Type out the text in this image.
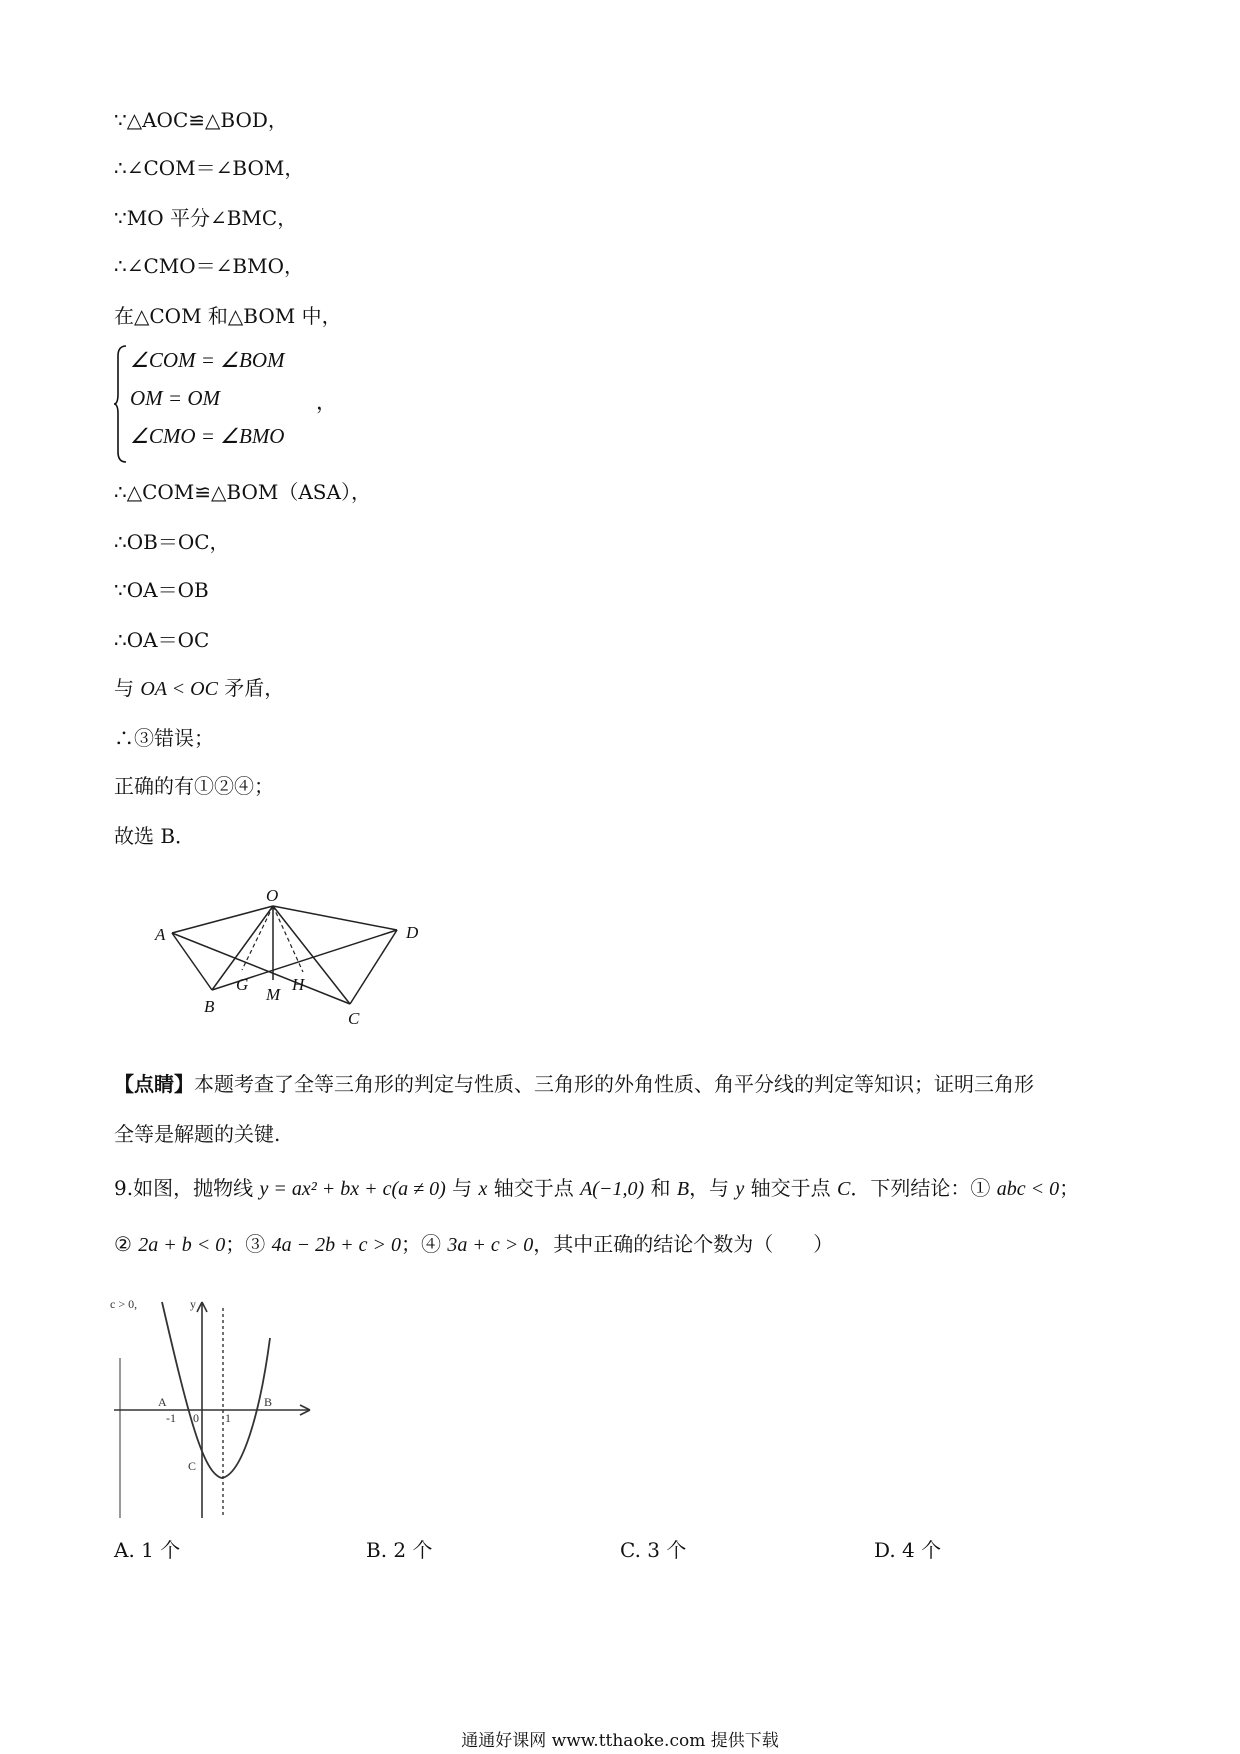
∵△AOC≌△BOD，
∴∠COM＝∠BOM，
∵MO 平分∠BMC，
∴∠CMO＝∠BMO，
在△COM 和△BOM 中，
∠COM = ∠BOM
OM = OM
∠CMO = ∠BMO
，
∴△COM≌△BOM（ASA），
∴OB＝OC，
∵OA＝OB
∴OA＝OC
与 OA < OC 矛盾，
∴③错误；
正确的有①②④；
故选 B．
O
A	D
G	H
M
B
C
【点睛】本题考查了全等三角形的判定与性质、三角形的外角性质、角平分线的判定等知识；证明三角形
全等是解题的关键.
9.如图，抛物线 y = ax² + bx + c(a ≠ 0) 与 x 轴交于点 A(−1,0) 和 B，与 y 轴交于点 C．下列结论：① abc < 0；
② 2a + b < 0；③ 4a − 2b + c > 0；④ 3a + c > 0，其中正确的结论个数为（　　）
c > 0,	y
A	B
-1 0 1
C
A. 1 个	B. 2 个	C. 3 个	D. 4 个
通通好课网 www.tthaoke.com 提供下载
